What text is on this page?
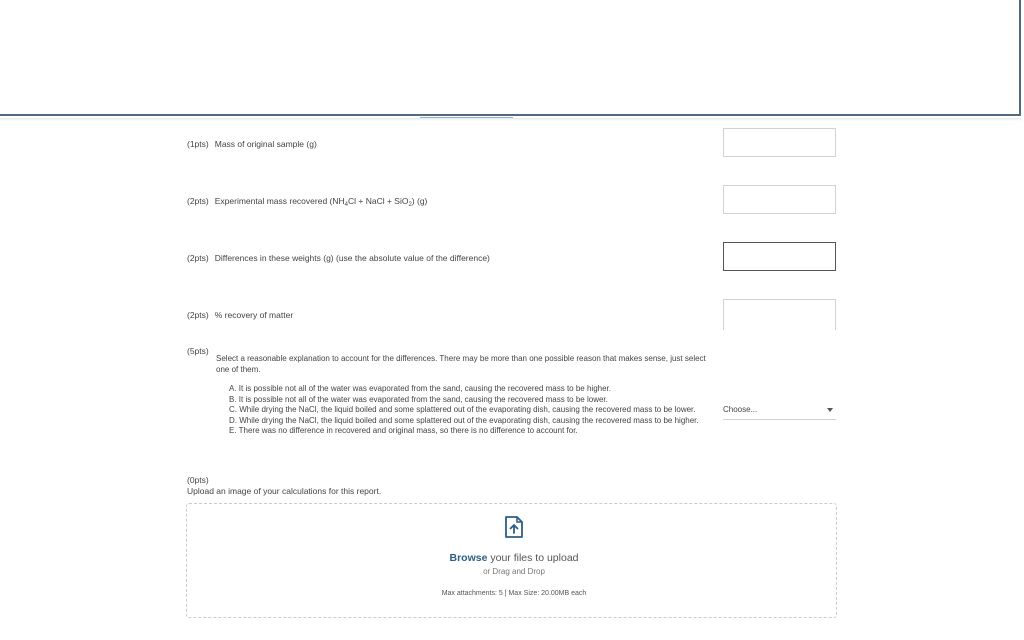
(1pts) Mass of original sample (g)
(2pts) Experimental mass recovered ($NH_4Cl$ + NaCl + SiO$_2$) (g)
(2pts) Differences in these weights (g) (use the absolute value of the difference)
(2pts) % recovery of matter
(5pts)
Select a reasonable explanation to account for the differences. There may be more than one possible reason that makes sense, just select one of them.
A. It is possible not all of the water was evaporated from the sand, causing the recovered mass to be higher.
B. It is possible not all of the water was evaporated from the sand, causing the recovered mass to be lower.
C. While drying the NaCl, the liquid boiled and some splattered out of the evaporating dish, causing the recovered mass to be lower.
D. While drying the NaCl, the liquid boiled and some splattered out of the evaporating dish, causing the recovered mass to be higher.
E. There was no difference in recovered and original mass, so there is no difference to account for.
Choose...
(0pts)
Upload an image of your calculations for this report.
Browse your files to upload
or Drag and Drop
Max attachments: 5 | Max Size: 20.00MB each
